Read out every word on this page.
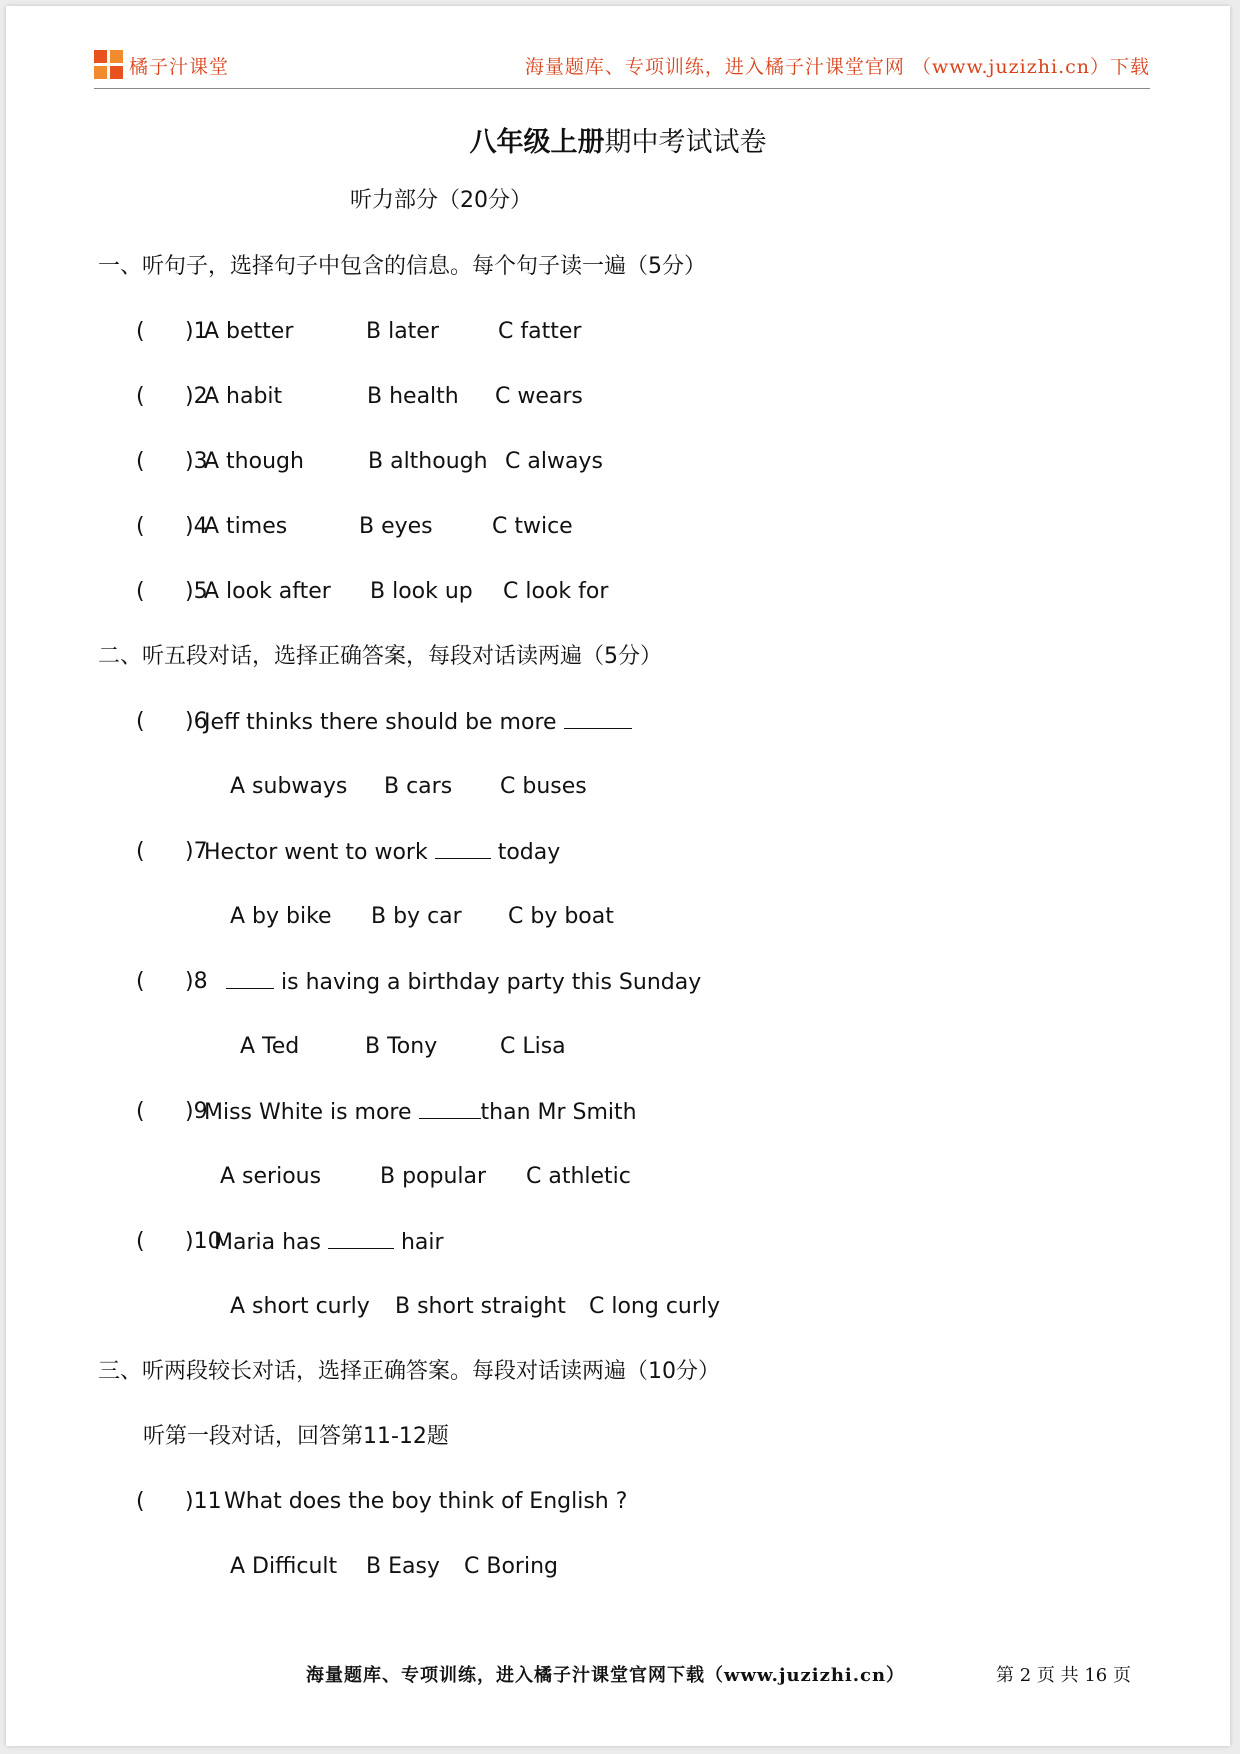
橘子汁课堂	海量题库、专项训练，进入橘子汁课堂官网 （www.juzizhi.cn）下载
八年级上册期中考试试卷
听力部分（20分）
一、听句子，选择句子中包含的信息。每个句子读一遍（5分）
( )1
A better	B later	C fatter
( )2
A habit	B health C wears
( )3
A though	B although C always
( )4
A times	B eyes	C twice
( )5
A look after B look up C look for
二、听五段对话，选择正确答案，每段对话读两遍（5分）
( )6
Jeff thinks there should be more
A subways B cars C buses
( )7
Hector went to work	today
A by bike B by car C by boat
( )8	is having a birthday party this Sunday
A Ted	B Tony	C Lisa
( )9
Miss White is more	than Mr Smith
A serious	B popular C athletic
( )10
Maria has	hair
A short curly B short straight C long curly
三、听两段较长对话，选择正确答案。每段对话读两遍（10分）
听第一段对话，回答第11-12题
( )11 What does the boy think of English ?
A Difficult B Easy C Boring
海量题库、专项训练，进入橘子汁课堂官网下载（www.juzizhi.cn）	第 2 页 共 16 页
